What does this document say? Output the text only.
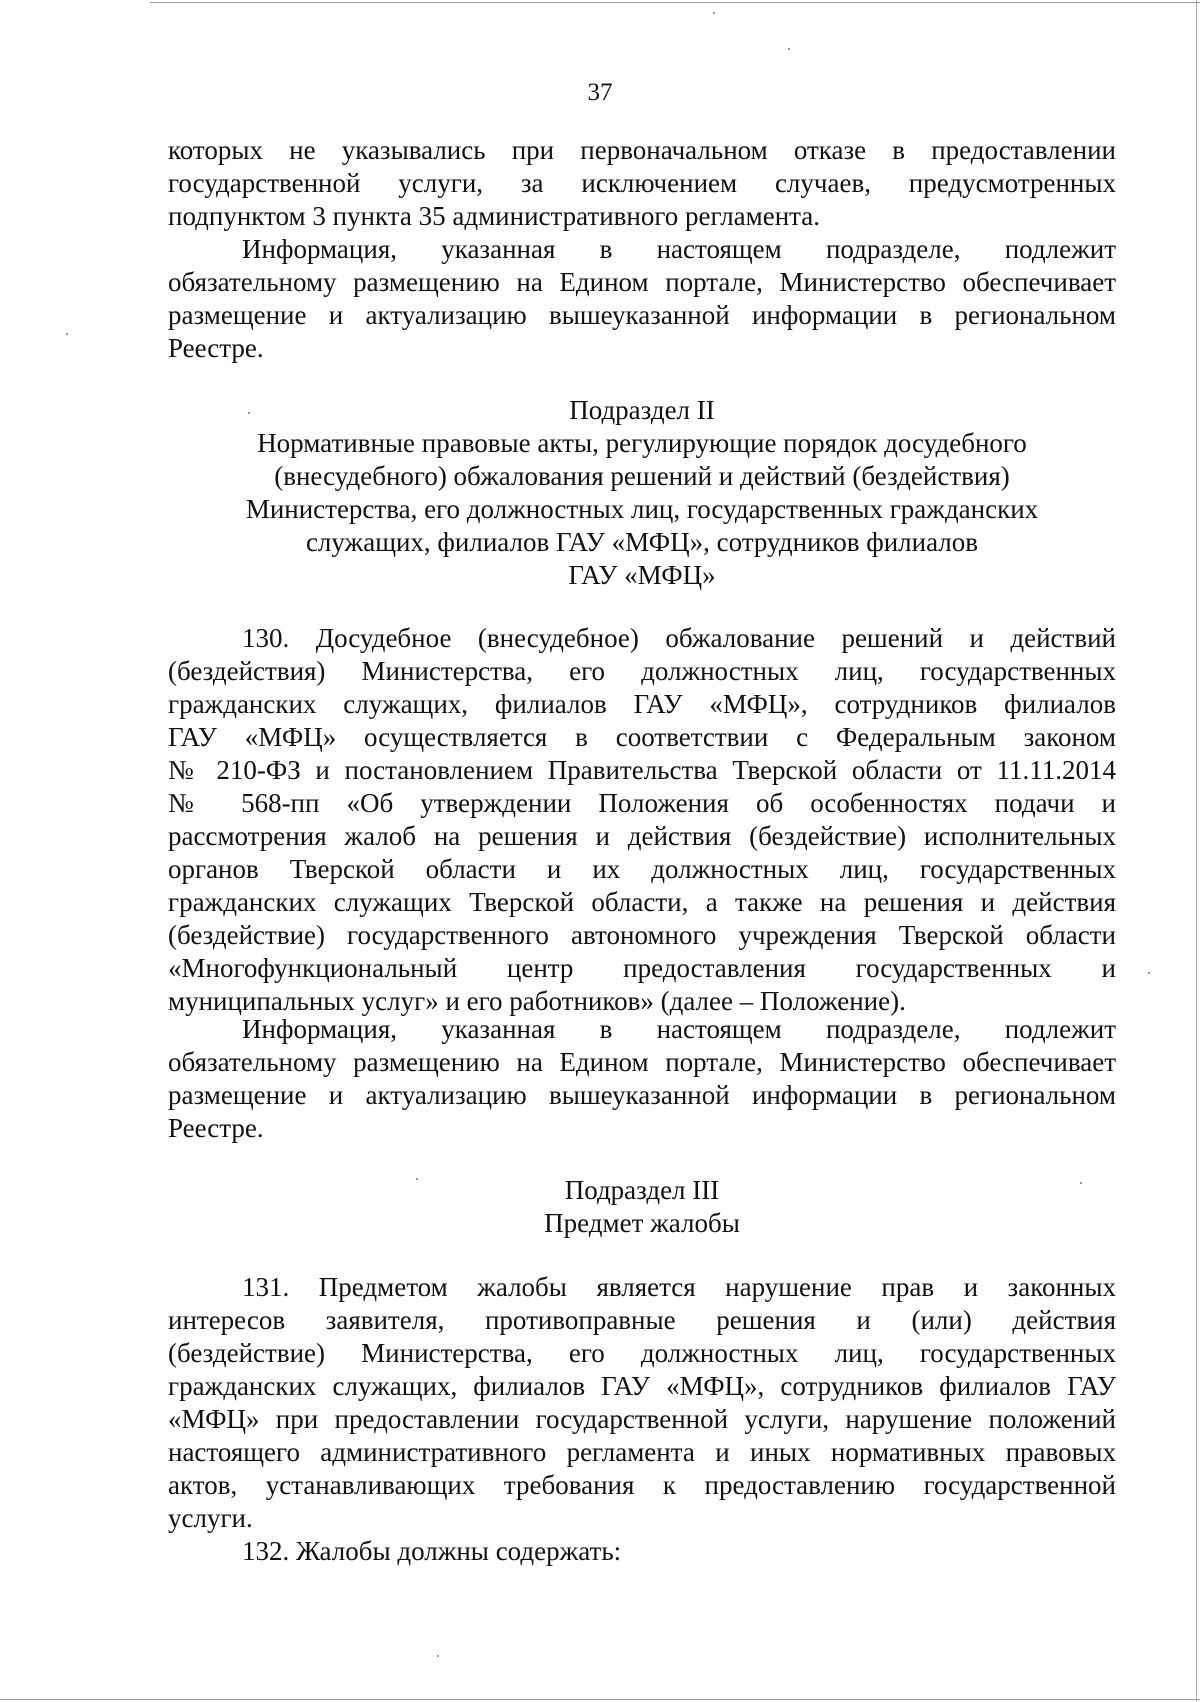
37
которых не указывались при первоначальном отказе в предоставлении
государственной услуги, за исключением случаев, предусмотренных
подпунктом 3 пункта 35 административного регламента.
Информация, указанная в настоящем подразделе, подлежит
обязательному размещению на Едином портале, Министерство обеспечивает
размещение и актуализацию вышеуказанной информации в региональном
Реестре.
Подраздел II
Нормативные правовые акты, регулирующие порядок досудебного
(внесудебного) обжалования решений и действий (бездействия)
Министерства, его должностных лиц, государственных гражданских
служащих, филиалов ГАУ «МФЦ», сотрудников филиалов
ГАУ «МФЦ»
130. Досудебное (внесудебное) обжалование решений и действий
(бездействия) Министерства, его должностных лиц, государственных
гражданских служащих, филиалов ГАУ «МФЦ», сотрудников филиалов
ГАУ «МФЦ» осуществляется в соответствии с Федеральным законом
№ 210-ФЗ и постановлением Правительства Тверской области от 11.11.2014
№ 568-пп «Об утверждении Положения об особенностях подачи и
рассмотрения жалоб на решения и действия (бездействие) исполнительных
органов Тверской области и их должностных лиц, государственных
гражданских служащих Тверской области, а также на решения и действия
(бездействие) государственного автономного учреждения Тверской области
«Многофункциональный центр предоставления государственных и
муниципальных услуг» и его работников» (далее – Положение).
Информация, указанная в настоящем подразделе, подлежит
обязательному размещению на Едином портале, Министерство обеспечивает
размещение и актуализацию вышеуказанной информации в региональном
Реестре.
Подраздел III
Предмет жалобы
131. Предметом жалобы является нарушение прав и законных
интересов заявителя, противоправные решения и (или) действия
(бездействие) Министерства, его должностных лиц, государственных
гражданских служащих, филиалов ГАУ «МФЦ», сотрудников филиалов ГАУ
«МФЦ» при предоставлении государственной услуги, нарушение положений
настоящего административного регламента и иных нормативных правовых
актов, устанавливающих требования к предоставлению государственной
услуги.
132. Жалобы должны содержать:
